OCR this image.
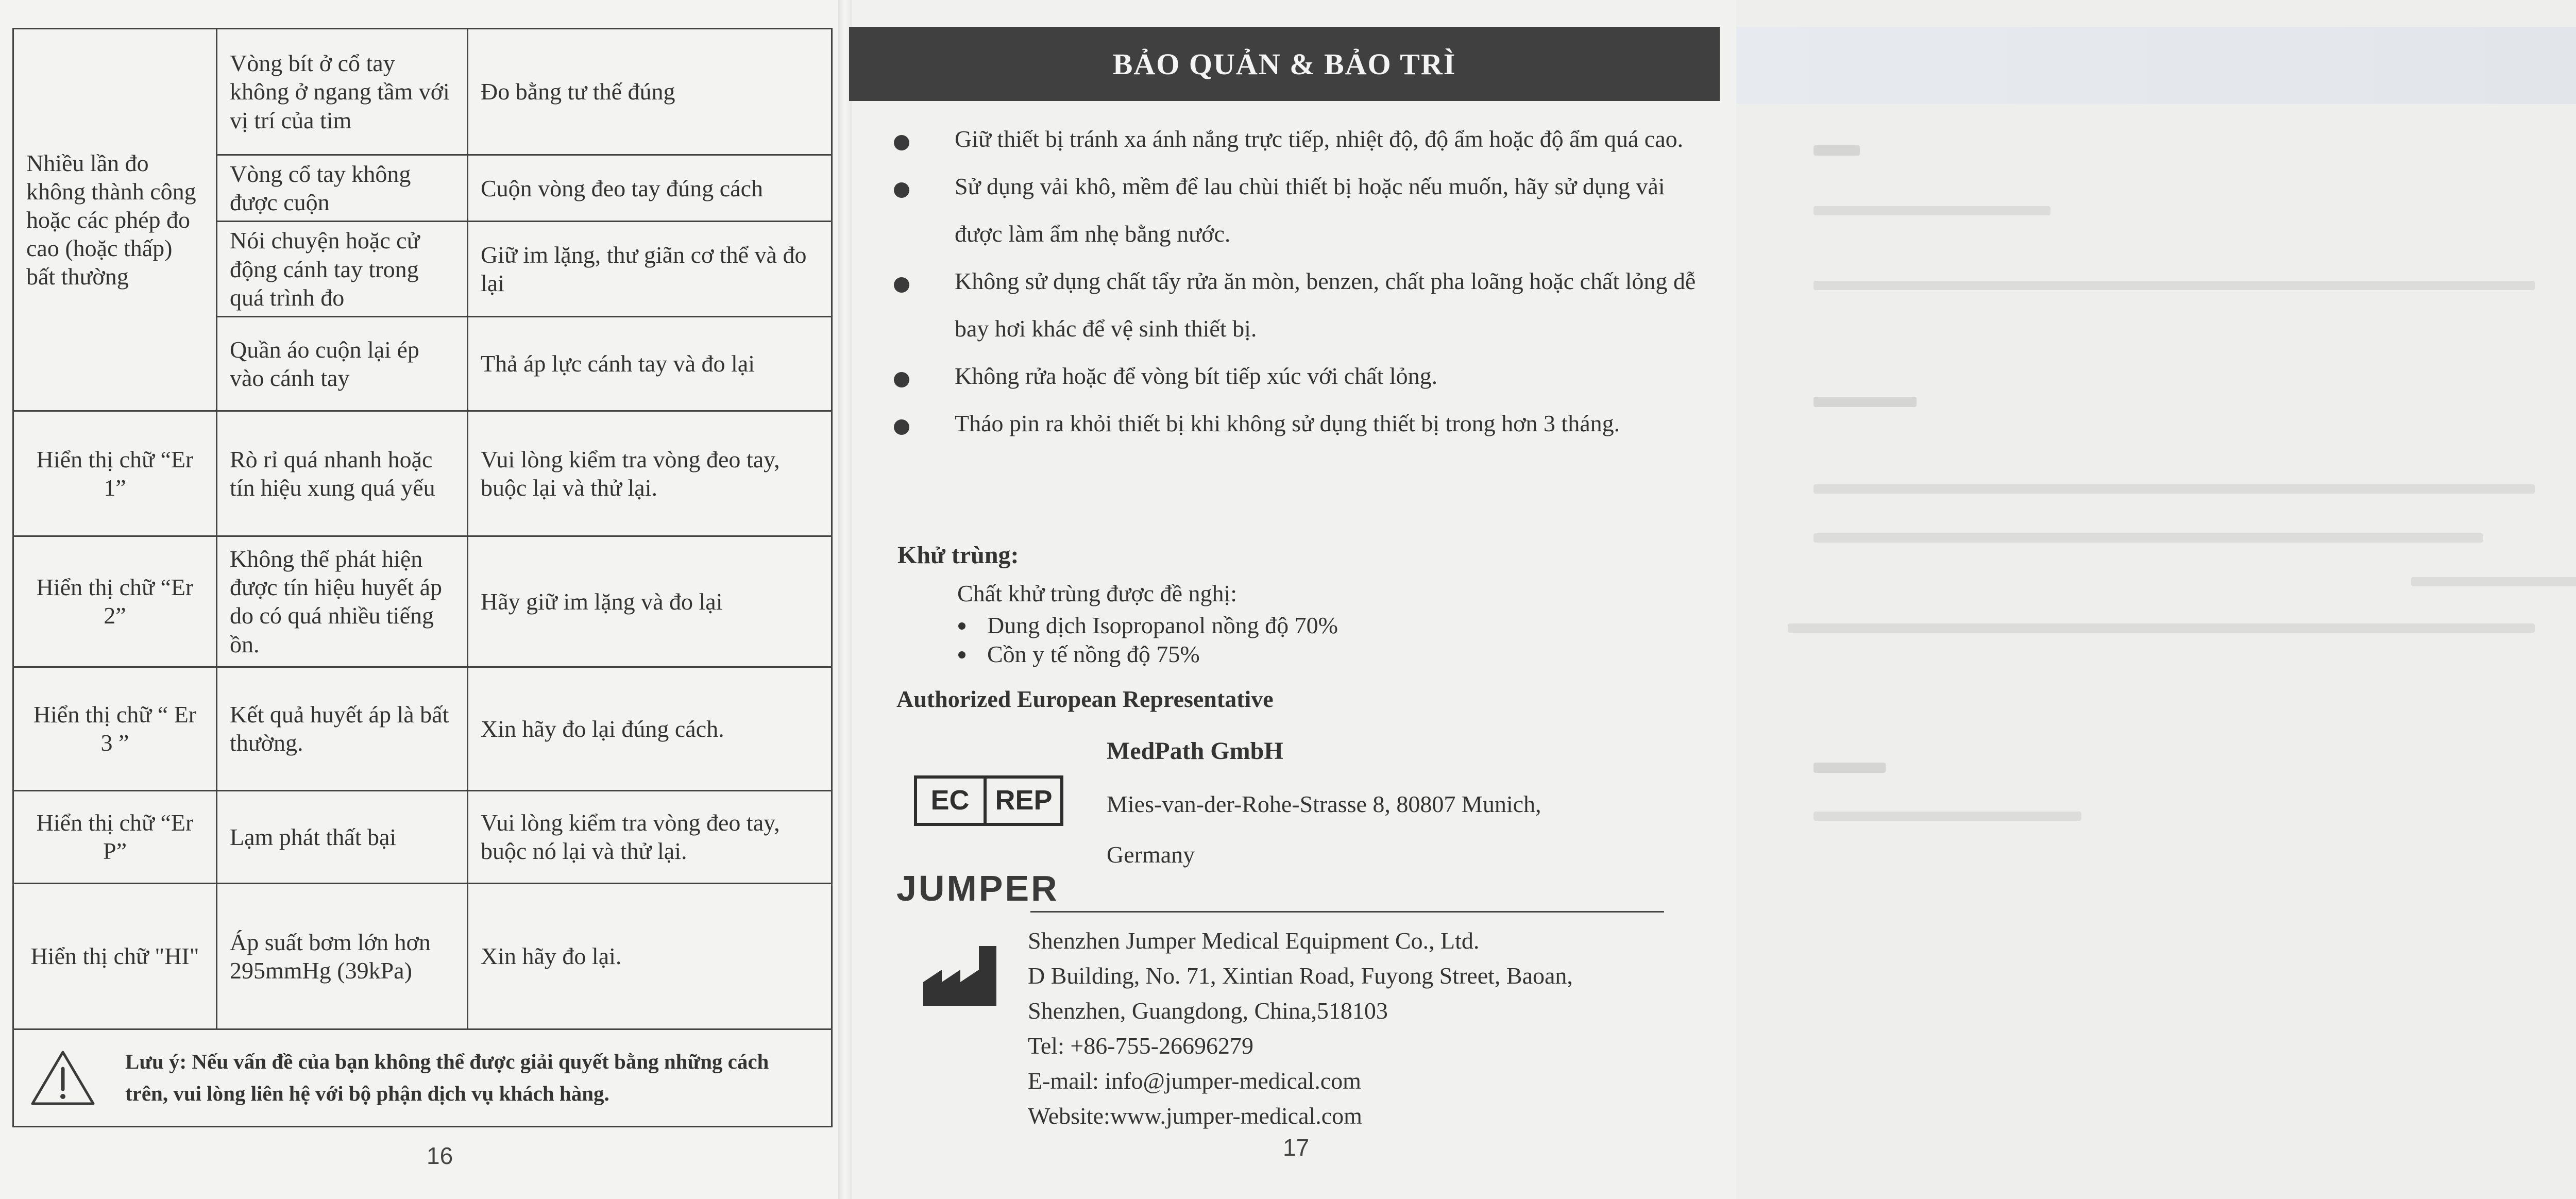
Nhiều lần đo không thành công hoặc các phép đo cao (hoặc thấp) bất thường	Vòng bít ở cổ tay không ở ngang tầm với vị trí của tim	Đo bằng tư thế đúng
	Vòng cổ tay không được cuộn	Cuộn vòng đeo tay đúng cách
	Nói chuyện hoặc cử động cánh tay trong quá trình đo	Giữ im lặng, thư giãn cơ thể và đo lại
	Quần áo cuộn lại ép vào cánh tay	Thả áp lực cánh tay và đo lại
Hiển thị chữ “Er 1”	Rò rỉ quá nhanh hoặc tín hiệu xung quá yếu	Vui lòng kiểm tra vòng đeo tay, buộc lại và thử lại.
Hiển thị chữ “Er 2”	Không thể phát hiện được tín hiệu huyết áp do có quá nhiều tiếng ồn.	Hãy giữ im lặng và đo lại
Hiển thị chữ “ Er 3 ”	Kết quả huyết áp là bất thường.	Xin hãy đo lại đúng cách.
Hiển thị chữ “Er P”	Lạm phát thất bại	Vui lòng kiểm tra vòng đeo tay, buộc nó lại và thử lại.
Hiển thị chữ "HI"	Áp suất bơm lớn hơn 295mmHg (39kPa)	Xin hãy đo lại.

Lưu ý: Nếu vấn đề của bạn không thể được giải quyết bằng những cách trên, vui lòng liên hệ với bộ phận dịch vụ khách hàng.		
16
BẢO QUẢN & BẢO TRÌ
Giữ thiết bị tránh xa ánh nắng trực tiếp, nhiệt độ, độ ẩm hoặc độ ẩm quá cao.
Sử dụng vải khô, mềm để lau chùi thiết bị hoặc nếu muốn, hãy sử dụng vải được làm ẩm nhẹ bằng nước.
Không sử dụng chất tẩy rửa ăn mòn, benzen, chất pha loãng hoặc chất lỏng dễ bay hơi khác để vệ sinh thiết bị.
Không rửa hoặc để vòng bít tiếp xúc với chất lỏng.
Tháo pin ra khỏi thiết bị khi không sử dụng thiết bị trong hơn 3 tháng.
Khử trùng:
Chất khử trùng được đề nghị:
Dung dịch Isopropanol nồng độ 70%
Cồn y tế nồng độ 75%
Authorized European Representative
EC REP
MedPath GmbH
Mies-van-der-Rohe-Strasse 8, 80807 Munich,
Germany
JUMPER
Shenzhen Jumper Medical Equipment Co., Ltd.
D Building, No. 71, Xintian Road, Fuyong Street, Baoan,
Shenzhen, Guangdong, China,518103
Tel: +86-755-26696279
E-mail: info@jumper-medical.com
Website:www.jumper-medical.com
17
